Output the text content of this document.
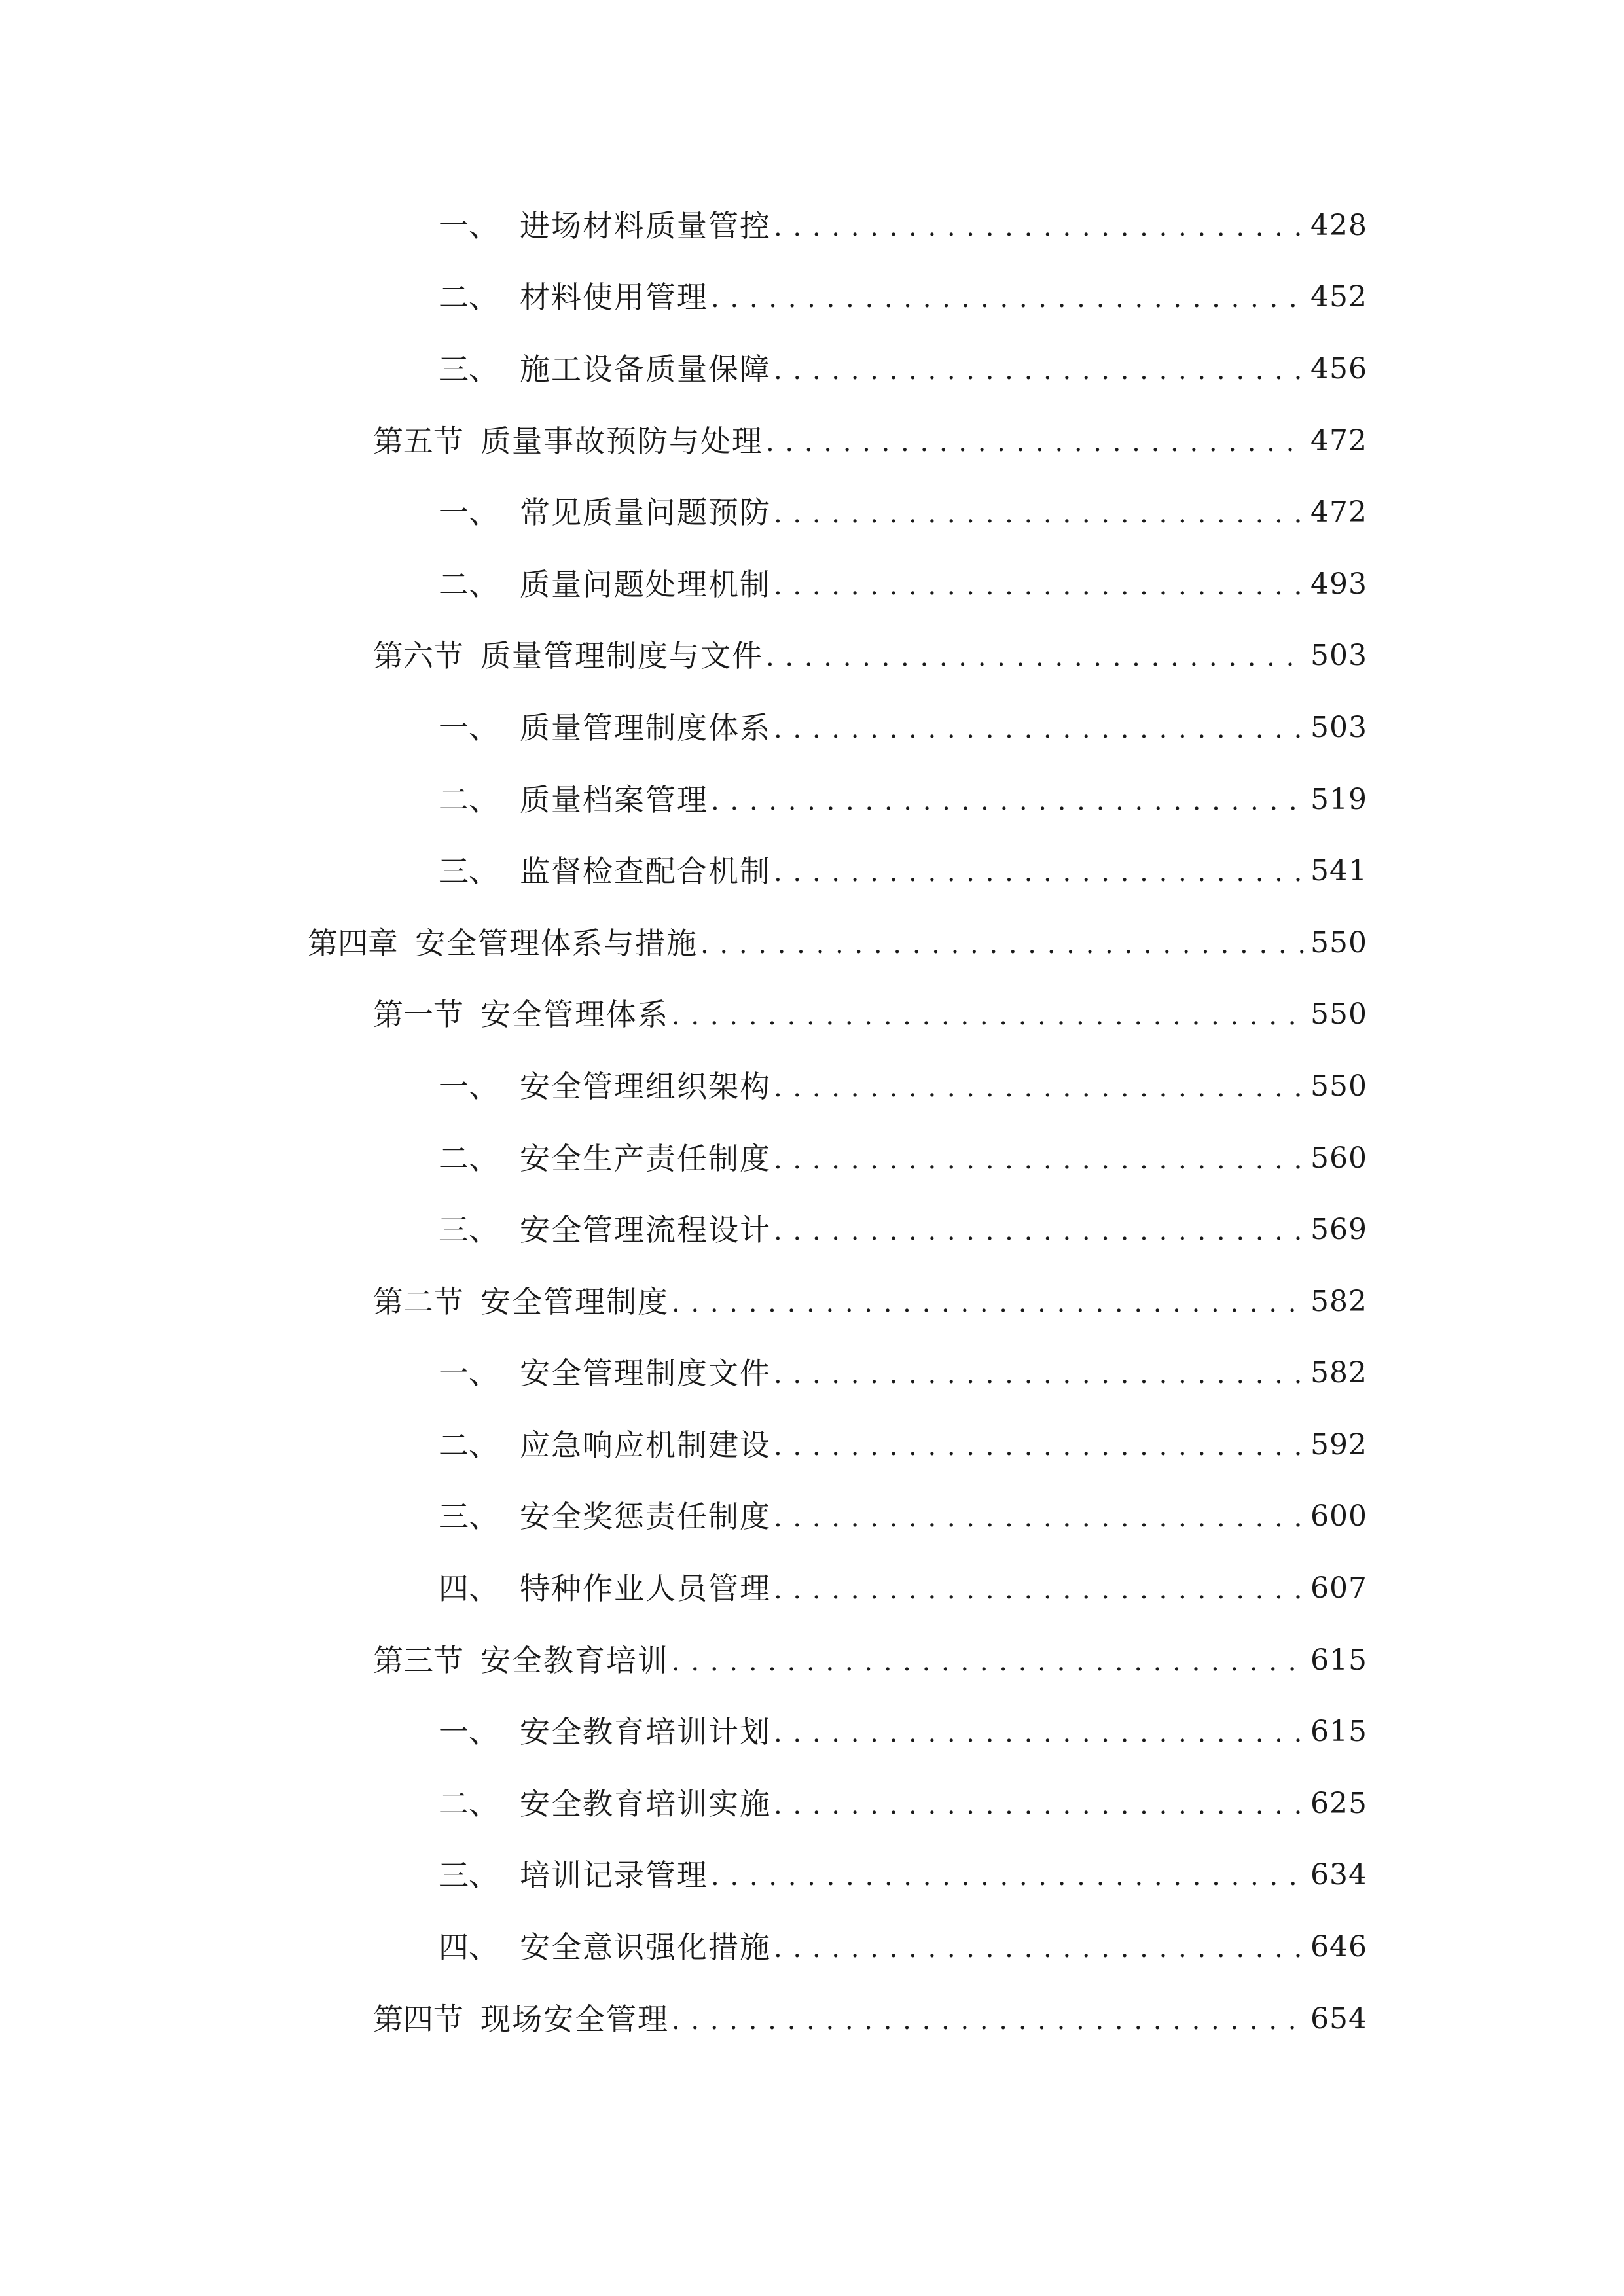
一、 进场材料质量管控 . . .	428
二、 材料使用管理 . . .	452
三、 施工设备质量保障 . . .	456
第五节 质量事故预防与处理 . . .	472
一、 常见质量问题预防 . . .	472
二、 质量问题处理机制 . . .	493
第六节 质量管理制度与文件 . . .	503
一、 质量管理制度体系 . . .	503
二、 质量档案管理 . . .	519
三、 监督检查配合机制 . . .	541
第四章 安全管理体系与措施 . . .	550
第一节 安全管理体系 . . .	550
一、 安全管理组织架构 . . .	550
二、 安全生产责任制度 . . .	560
三、 安全管理流程设计 . . .	569
第二节 安全管理制度 . . .	582
一、 安全管理制度文件 . . .	582
二、 应急响应机制建设 . . .	592
三、 安全奖惩责任制度 . . .	600
四、 特种作业人员管理 . . .	607
第三节 安全教育培训 . . .	615
一、 安全教育培训计划 . . .	615
二、 安全教育培训实施 . . .	625
三、 培训记录管理 . . .	634
四、 安全意识强化措施 . . .	646
第四节 现场安全管理 . . .	654
